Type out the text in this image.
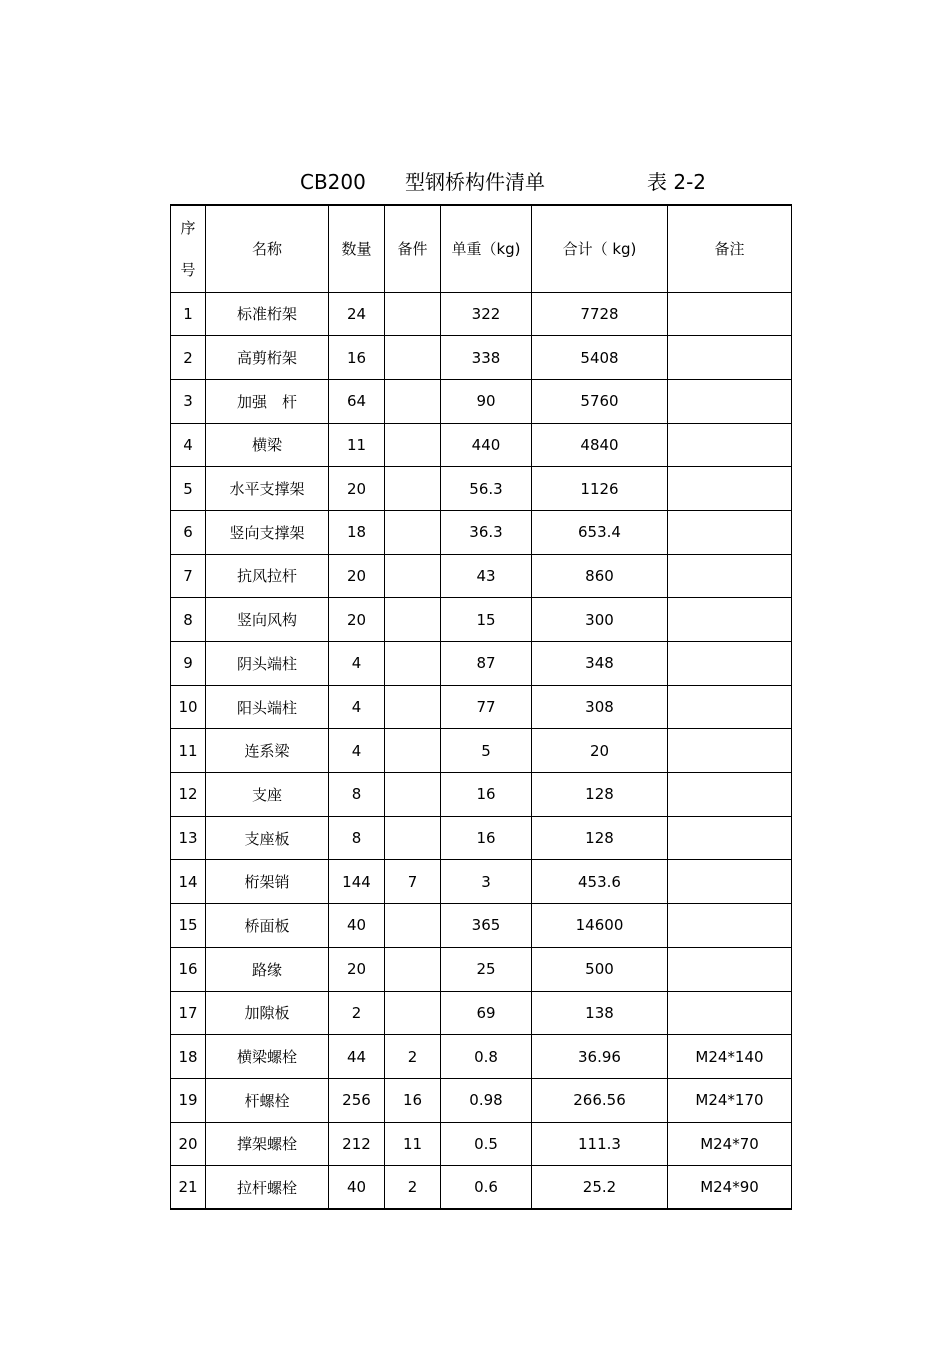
CB200 型钢桥构件清单	表 2-2
序
号	名称	数量	备件	单重（kg)	合计（ kg)	备注
1	标准桁架	24		322	7728	
2	高剪桁架	16		338	5408	
3	加强　杆	64		90	5760	
4	横梁	11		440	4840	
5	水平支撑架	20		56.3	1126	
6	竖向支撑架	18		36.3	653.4	
7	抗风拉杆	20		43	860	
8	竖向风构	20		15	300	
9	阴头端柱	4		87	348	
10	阳头端柱	4		77	308	
11	连系梁	4		5	20	
12	支座	8		16	128	
13	支座板	8		16	128	
14	桁架销	144	7	3	453.6	
15	桥面板	40		365	14600	
16	路缘	20		25	500	
17	加隙板	2		69	138	
18	横梁螺栓	44	2	0.8	36.96	M24*140
19	杆螺栓	256	16	0.98	266.56	M24*170
20	撑架螺栓	212	11	0.5	111.3	M24*70
21	拉杆螺栓	40	2	0.6	25.2	M24*90
